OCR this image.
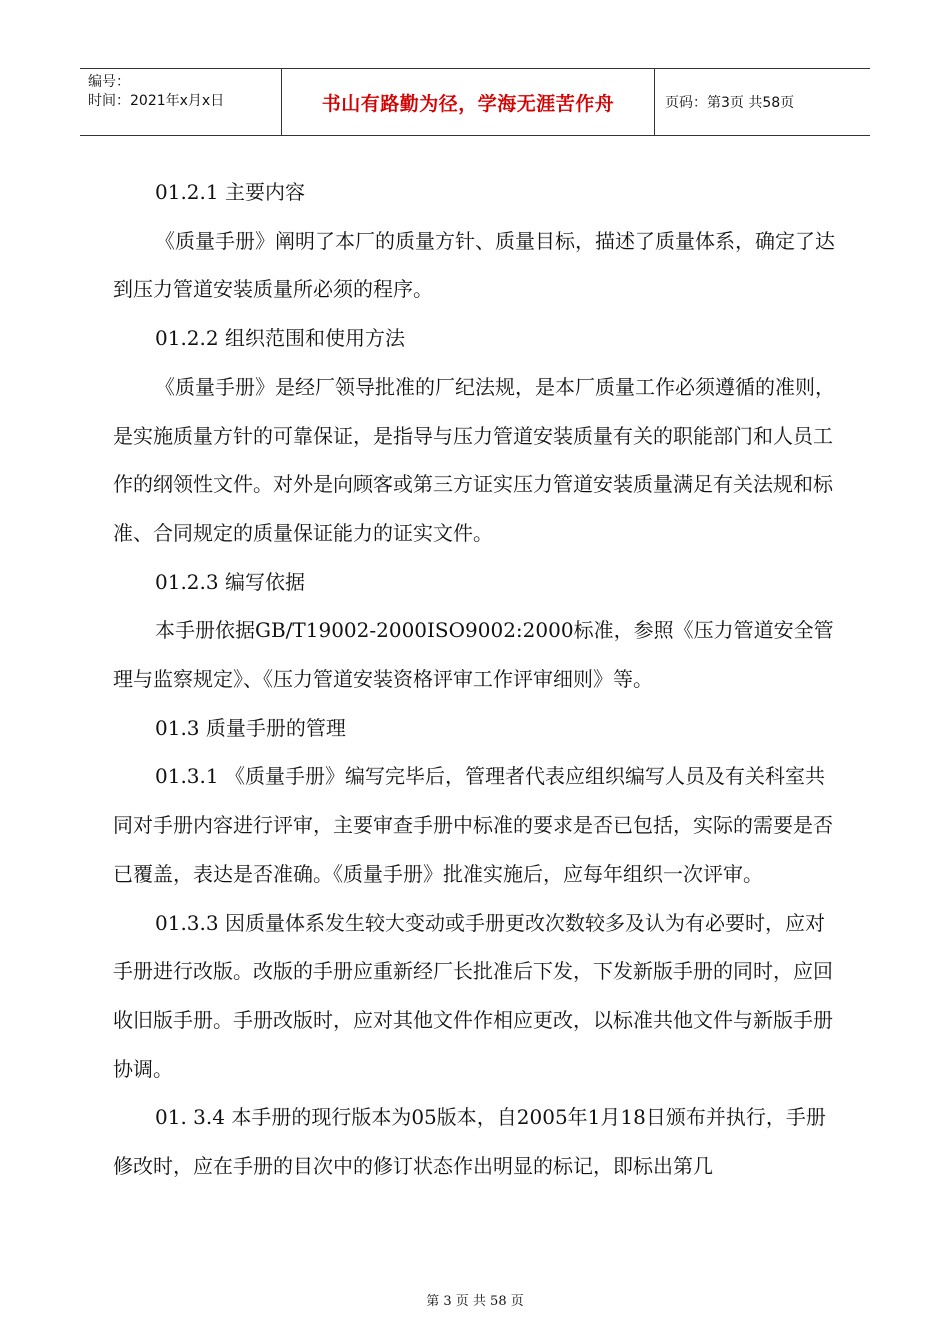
编号：
时间：2021年x月x日	书山有路勤为径，学海无涯苦作舟	页码：第3页 共58页

01.2.1 主要内容

《质量手册》阐明了本厂的质量方针、质量目标，描述了质量体系，确定了达到压力管道安装质量所必须的程序。

01.2.2 组织范围和使用方法

《质量手册》是经厂领导批准的厂纪法规，是本厂质量工作必须遵循的准则，是实施质量方针的可靠保证，是指导与压力管道安装质量有关的职能部门和人员工作的纲领性文件。对外是向顾客或第三方证实压力管道安装质量满足有关法规和标准、合同规定的质量保证能力的证实文件。

01.2.3 编写依据

本手册依据GB/T19002-2000ISO9002:2000标准，参照《压力管道安全管理与监察规定》、《压力管道安装资格评审工作评审细则》等。

01.3 质量手册的管理

01.3.1 《质量手册》编写完毕后，管理者代表应组织编写人员及有关科室共同对手册内容进行评审，主要审查手册中标准的要求是否已包括，实际的需要是否已覆盖，表达是否准确。《质量手册》批准实施后，应每年组织一次评审。

01.3.3 因质量体系发生较大变动或手册更改次数较多及认为有必要时，应对手册进行改版。改版的手册应重新经厂长批准后下发，下发新版手册的同时，应回收旧版手册。手册改版时，应对其他文件作相应更改，以标准共他文件与新版手册协调。

01. 3.4 本手册的现行版本为05版本，自2005年1月18日颁布并执行，手册修改时，应在手册的目次中的修订状态作出明显的标记，即标出第几

第 3 页 共 58 页
